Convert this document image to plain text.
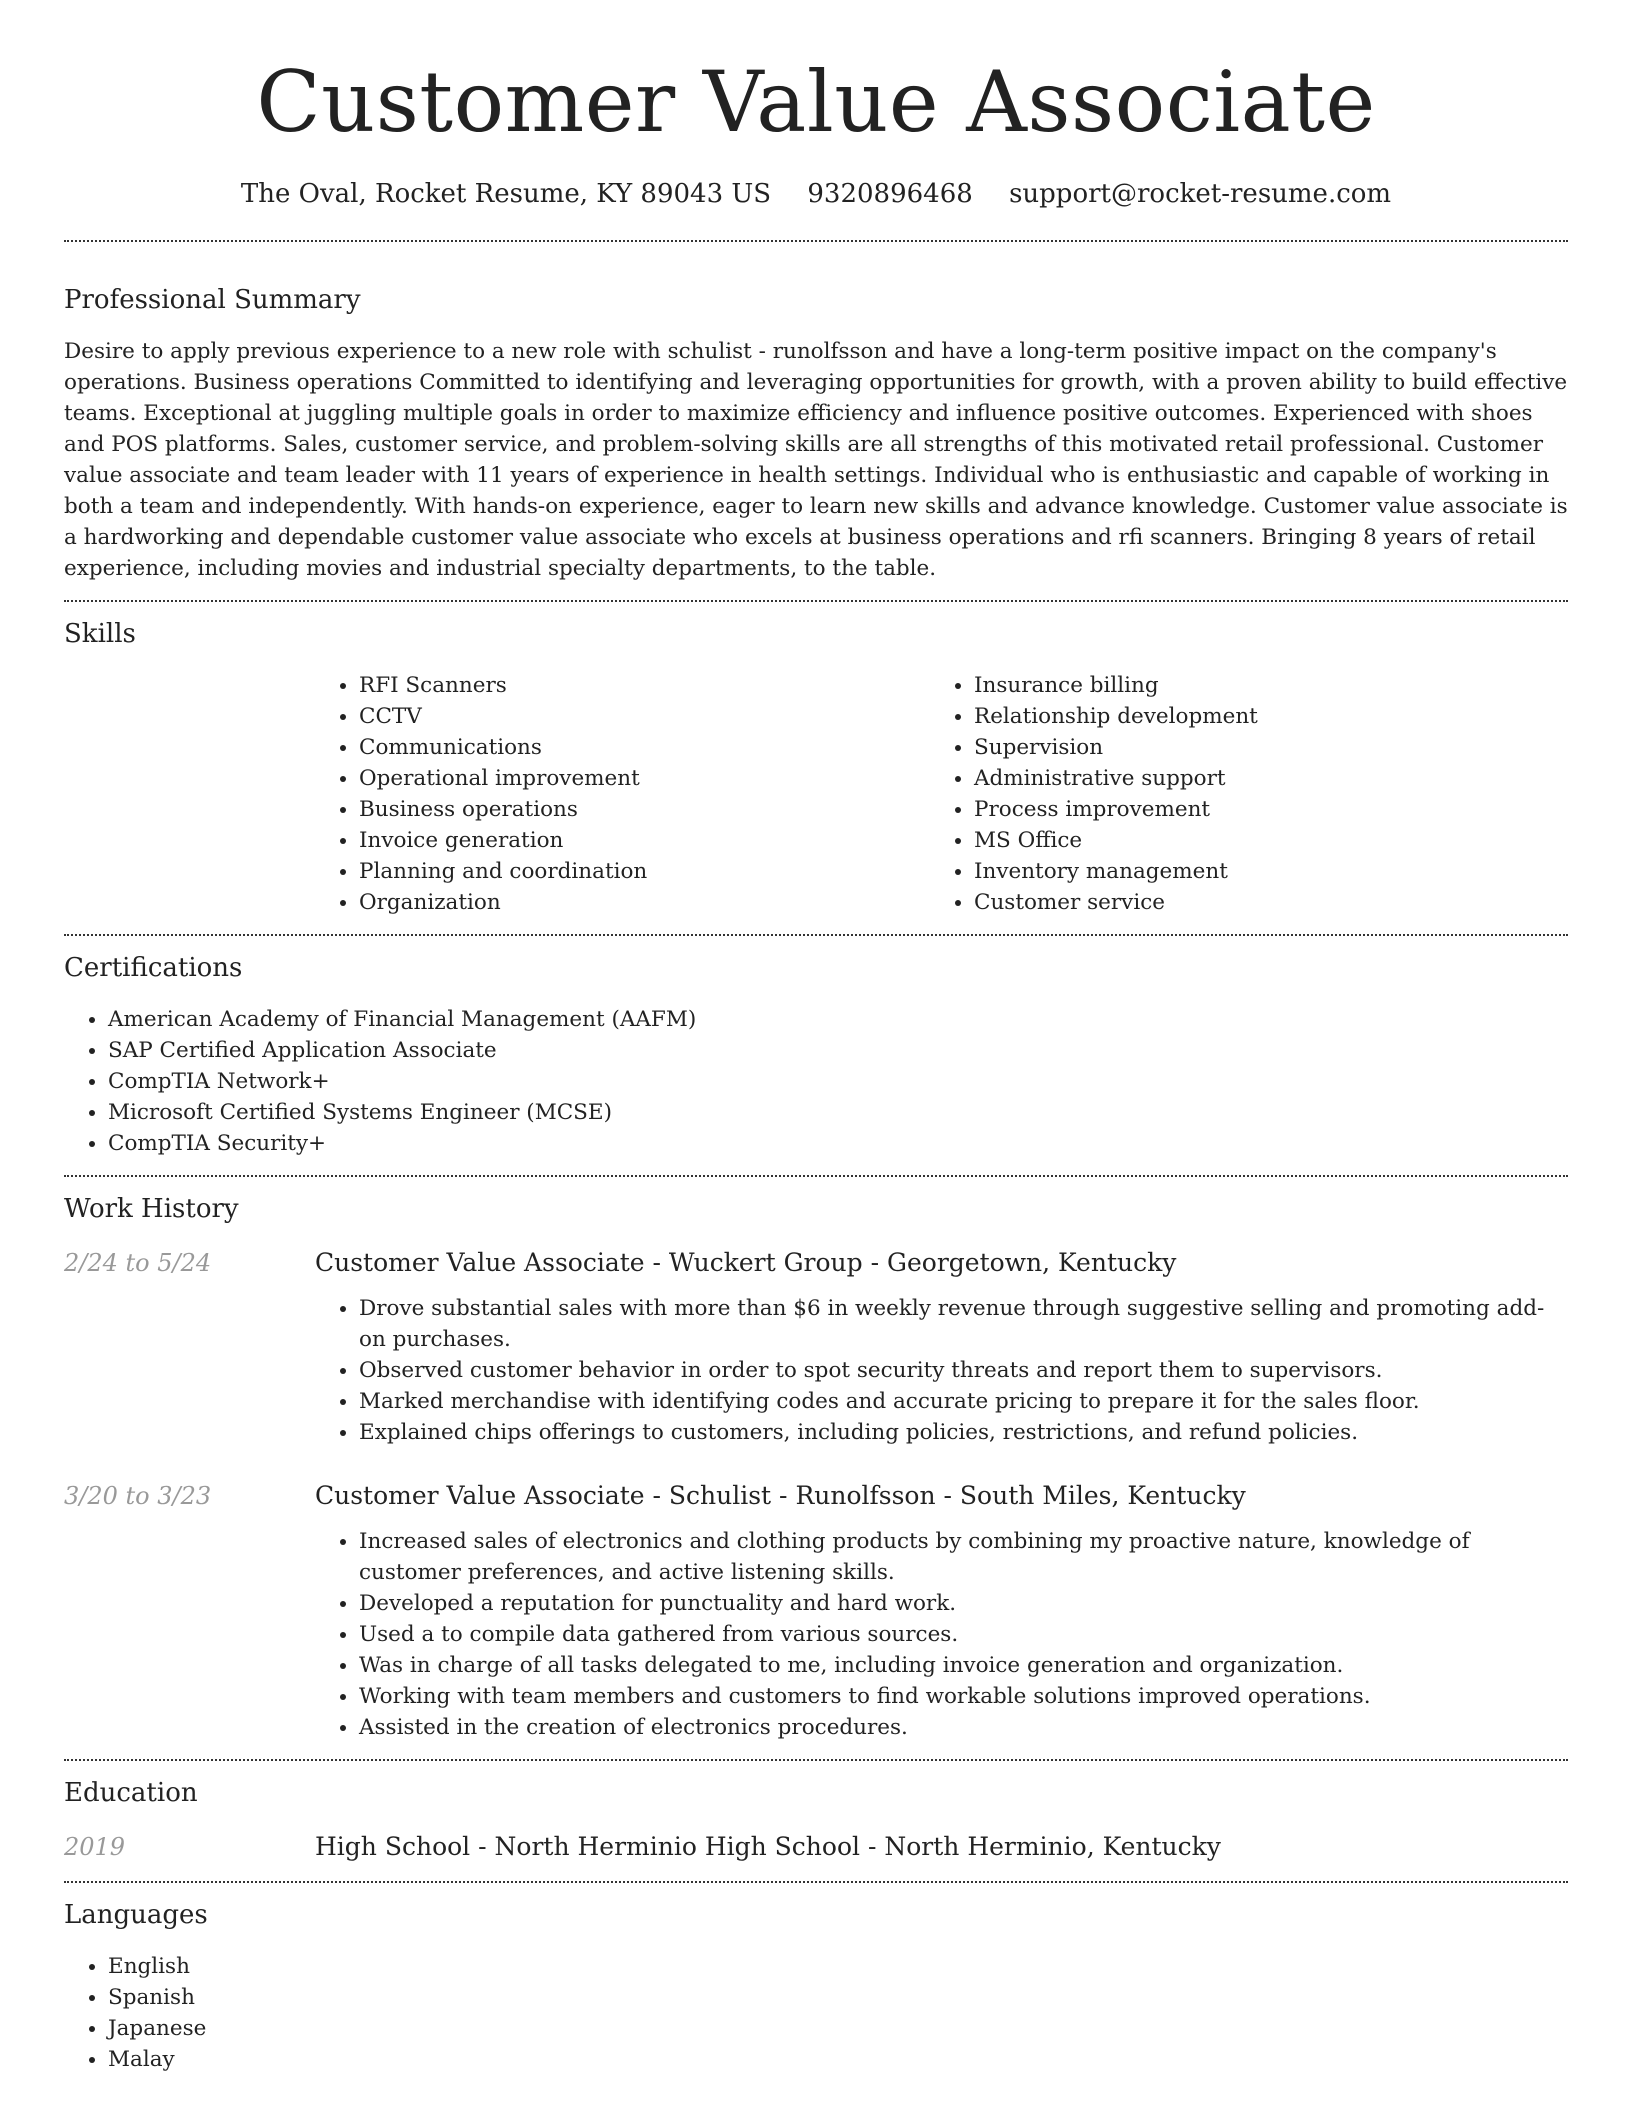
Customer Value Associate
The Oval, Rocket Resume, KY 89043 US 9320896468 support@rocket-resume.com
Professional Summary

Desire to apply previous experience to a new role with schulist - runolfsson and have a long-term positive impact on the company's operations. Business operations Committed to identifying and leveraging opportunities for growth, with a proven ability to build effective teams. Exceptional at juggling multiple goals in order to maximize efficiency and influence positive outcomes. Experienced with shoes and POS platforms. Sales, customer service, and problem-solving skills are all strengths of this motivated retail professional. Customer value associate and team leader with 11 years of experience in health settings. Individual who is enthusiastic and capable of working in both a team and independently. With hands-on experience, eager to learn new skills and advance knowledge. Customer value associate is a hardworking and dependable customer value associate who excels at business operations and rfi scanners. Bringing 8 years of retail experience, including movies and industrial specialty departments, to the table.

Skills
• RFI Scanners
• CCTV
• Communications
• Operational improvement
• Business operations
• Invoice generation
• Planning and coordination
• Organization
• Insurance billing
• Relationship development
• Supervision
• Administrative support
• Process improvement
• MS Office
• Inventory management
• Customer service
Certifications
• American Academy of Financial Management (AAFM)
• SAP Certified Application Associate
• CompTIA Network+
• Microsoft Certified Systems Engineer (MCSE)
• CompTIA Security+
Work History
2/24 to 5/24	Customer Value Associate - Wuckert Group - Georgetown, Kentucky
• Drove substantial sales with more than $6 in weekly revenue through suggestive selling and promoting add-on purchases.
• Observed customer behavior in order to spot security threats and report them to supervisors.
• Marked merchandise with identifying codes and accurate pricing to prepare it for the sales floor.
• Explained chips offerings to customers, including policies, restrictions, and refund policies.
3/20 to 3/23	Customer Value Associate - Schulist - Runolfsson - South Miles, Kentucky
• Increased sales of electronics and clothing products by combining my proactive nature, knowledge of customer preferences, and active listening skills.
• Developed a reputation for punctuality and hard work.
• Used a to compile data gathered from various sources.
• Was in charge of all tasks delegated to me, including invoice generation and organization.
• Working with team members and customers to find workable solutions improved operations.
• Assisted in the creation of electronics procedures.
Education
2019	High School - North Herminio High School - North Herminio, Kentucky
Languages
• English
• Spanish
• Japanese
• Malay
